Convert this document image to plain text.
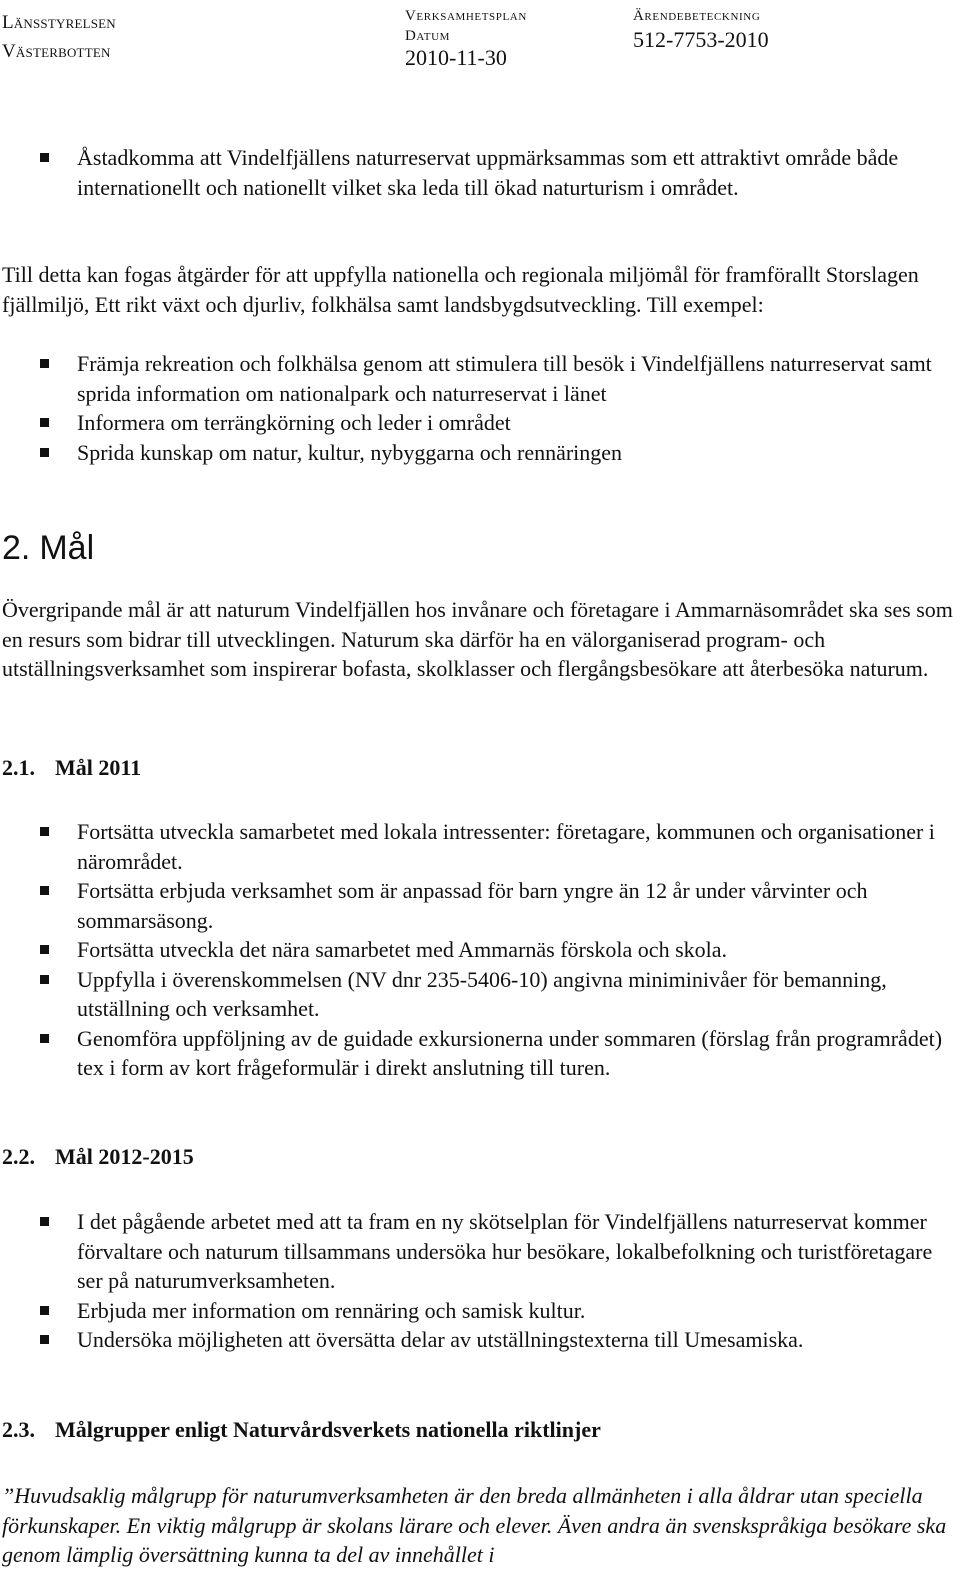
Länsstyrelsen
Västerbotten
Verksamhetsplan
Datum
2010-11-30
Ärendebeteckning
512-7753-2010
Åstadkomma att Vindelfjällens naturreservat uppmärksammas som ett attraktivt område både internationellt och nationellt vilket ska leda till ökad naturturism i området.

Till detta kan fogas åtgärder för att uppfylla nationella och regionala miljömål för framförallt Storslagen fjällmiljö, Ett rikt växt och djurliv, folkhälsa samt landsbygdsutveckling. Till exempel:

Främja rekreation och folkhälsa genom att stimulera till besök i Vindelfjällens naturreservat samt sprida information om nationalpark och naturreservat i länet
Informera om terrängkörning och leder i området
Sprida kunskap om natur, kultur, nybyggarna och rennäringen
2. Mål

Övergripande mål är att naturum Vindelfjällen hos invånare och företagare i Ammarnäsområdet ska ses som en resurs som bidrar till utvecklingen. Naturum ska därför ha en välorganiserad program- och utställningsverksamhet som inspirerar bofasta, skolklasser och flergångsbesökare att återbesöka naturum.

2.1. Mål 2011
Fortsätta utveckla samarbetet med lokala intressenter: företagare, kommunen och organisationer i närområdet.
Fortsätta erbjuda verksamhet som är anpassad för barn yngre än 12 år under vårvinter och sommarsäsong.
Fortsätta utveckla det nära samarbetet med Ammarnäs förskola och skola.
Uppfylla i överenskommelsen (NV dnr 235-5406-10) angivna miniminivåer för bemanning, utställning och verksamhet.
Genomföra uppföljning av de guidade exkursionerna under sommaren (förslag från programrådet) tex i form av kort frågeformulär i direkt anslutning till turen.
2.2. Mål 2012-2015
I det pågående arbetet med att ta fram en ny skötselplan för Vindelfjällens naturreservat kommer förvaltare och naturum tillsammans undersöka hur besökare, lokalbefolkning och turistföretagare ser på naturumverksamheten.
Erbjuda mer information om rennäring och samisk kultur.
Undersöka möjligheten att översätta delar av utställningstexterna till Umesamiska.
2.3. Målgrupper enligt Naturvårdsverkets nationella riktlinjer

”Huvudsaklig målgrupp för naturumverksamheten är den breda allmänheten i alla åldrar utan speciella förkunskaper. En viktig målgrupp är skolans lärare och elever. Även andra än svenskspråkiga besökare ska genom lämplig översättning kunna ta del av innehållet i
